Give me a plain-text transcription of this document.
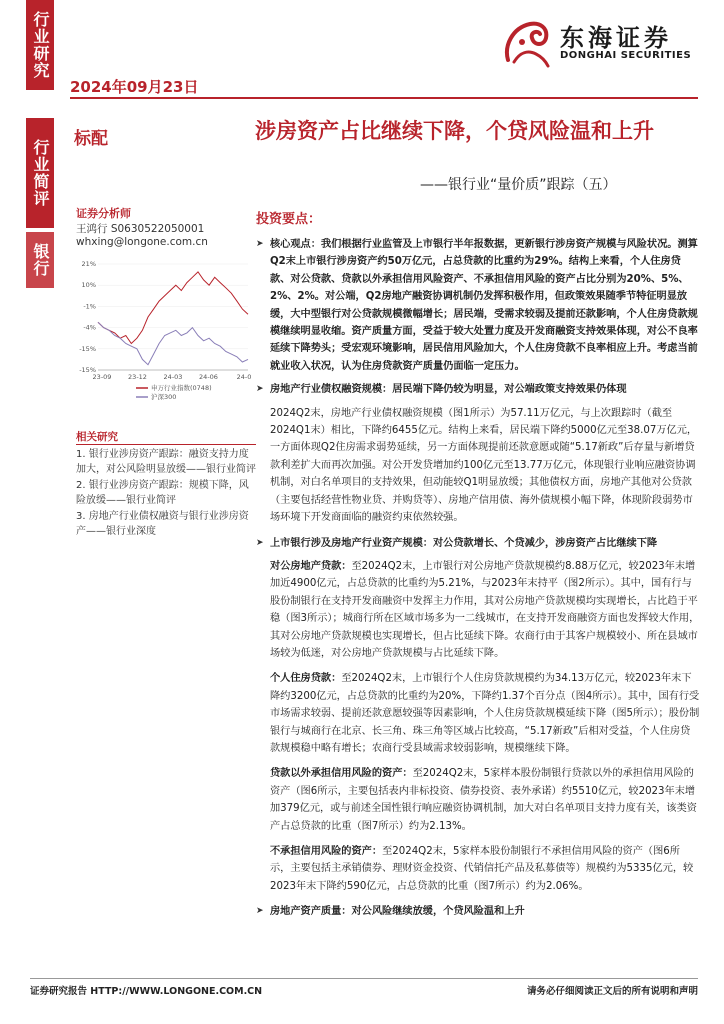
行业研究
行业简评
银行
2024年09月23日
东海证券
DONGHAI SECURITIES
标配
证券分析师
王鸿行 S0630522050001
whxing@longone.com.cn
21%
10%
-1%
-4%
-15%
-15%
23-09	23-12	24-03	24-06	24-0
申万行业指数(0748)
沪深300
相关研究
1. 银行业涉房资产跟踪：融资支持力度加大，对公风险明显放缓——银行业简评
2. 银行业涉房资产跟踪：规模下降，风险放缓——银行业简评
3. 房地产行业债权融资与银行业涉房资产——银行业深度
涉房资产占比继续下降，个贷风险温和上升
——银行业“量价质”跟踪（五）
投资要点：
➤ 核心观点：我们根据行业监管及上市银行半年报数据，更新银行涉房资产规模与风险状况。测算Q2末上市银行涉房资产约50万亿元，占总贷款的比重约为29%。结构上来看，个人住房贷款、对公贷款、贷款以外承担信用风险资产、不承担信用风险的资产占比分别为20%、5%、2%、2%。对公端，Q2房地产融资协调机制仍发挥积极作用，但政策效果随季节特征明显放缓，大中型银行对公贷款规模微幅增长；居民端，受需求较弱及提前还款影响，个人住房贷款规模继续明显收缩。资产质量方面，受益于较大处置力度及开发商融资支持效果体现，对公不良率延续下降势头；受宏观环境影响，居民信用风险加大，个人住房贷款不良率相应上升。考虑当前就业收入状况，认为住房贷款资产质量仍面临一定压力。
➤ 房地产行业债权融资规模：居民端下降仍较为明显，对公端政策支持效果仍体现
2024Q2末，房地产行业债权融资规模（图1所示）为57.11万亿元，与上次跟踪时（截至2024Q1末）相比，下降约6455亿元。结构上来看，居民端下降约5000亿元至38.07万亿元，一方面体现Q2住房需求弱势延续，另一方面体现提前还款意愿或随“5.17新政”后存量与新增贷款利差扩大而再次加强。对公开发贷增加约100亿元至13.77万亿元，体现银行业响应融资协调机制，对白名单项目的支持效果，但动能较Q1明显放缓；其他债权方面，房地产其他对公贷款（主要包括经营性物业贷、并购贷等）、房地产信用债、海外债规模小幅下降，体现阶段弱势市场环境下开发商面临的融资约束依然较强。
➤ 上市银行涉及房地产行业资产规模：对公贷款增长、个贷减少，涉房资产占比继续下降
对公房地产贷款：至2024Q2末，上市银行对公房地产贷款规模约8.88万亿元，较2023年末增加近4900亿元，占总贷款的比重约为5.21%，与2023年末持平（图2所示）。其中，国有行与股份制银行在支持开发商融资中发挥主力作用，其对公房地产贷款规模均实现增长，占比趋于平稳（图3所示）；城商行所在区域市场多为一二线城市，在支持开发商融资方面也发挥较大作用，其对公房地产贷款规模也实现增长，但占比延续下降。农商行由于其客户规模较小、所在县域市场较为低迷，对公房地产贷款规模与占比延续下降。
个人住房贷款：至2024Q2末，上市银行个人住房贷款规模约为34.13万亿元，较2023年末下降约3200亿元，占总贷款的比重约为20%，下降约1.37个百分点（图4所示）。其中，国有行受市场需求较弱、提前还款意愿较强等因素影响，个人住房贷款规模延续下降（图5所示）；股份制银行与城商行在北京、长三角、珠三角等区域占比较高，“5.17新政”后相对受益，个人住房贷款规模稳中略有增长；农商行受县域需求较弱影响，规模继续下降。
贷款以外承担信用风险的资产：至2024Q2末，5家样本股份制银行贷款以外的承担信用风险的资产（图6所示，主要包括表内非标投资、债券投资、表外承诺）约5510亿元，较2023年末增加379亿元，或与前述全国性银行响应融资协调机制，加大对白名单项目支持力度有关，该类资产占总贷款的比重（图7所示）约为2.13%。
不承担信用风险的资产：至2024Q2末，5家样本股份制银行不承担信用风险的资产（图6所示，主要包括主承销债券、理财资金投资、代销信托产品及私募债等）规模约为5335亿元，较2023年末下降约590亿元，占总贷款的比重（图7所示）约为2.06%。
➤ 房地产资产质量：对公风险继续放缓，个贷风险温和上升
证券研究报告 HTTP://WWW.LONGONE.COM.CN	请务必仔细阅读正文后的所有说明和声明
